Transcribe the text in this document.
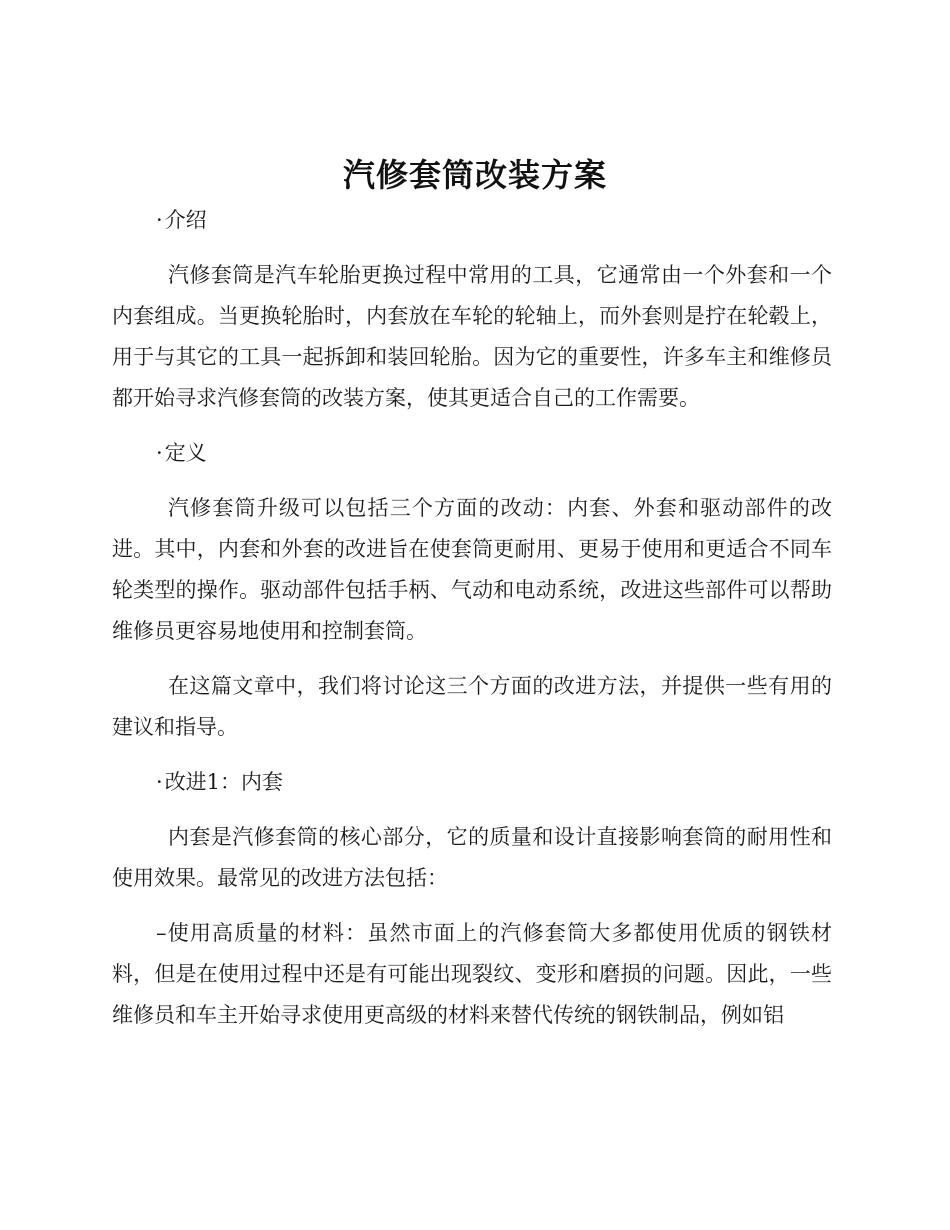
汽修套筒改装方案

·介绍

汽修套筒是汽车轮胎更换过程中常用的工具，它通常由一个外套和一个内套组成。当更换轮胎时，内套放在车轮的轮轴上，而外套则是拧在轮毂上，用于与其它的工具一起拆卸和装回轮胎。因为它的重要性，许多车主和维修员都开始寻求汽修套筒的改装方案，使其更适合自己的工作需要。

·定义

汽修套筒升级可以包括三个方面的改动：内套、外套和驱动部件的改进。其中，内套和外套的改进旨在使套筒更耐用、更易于使用和更适合不同车轮类型的操作。驱动部件包括手柄、气动和电动系统，改进这些部件可以帮助维修员更容易地使用和控制套筒。

在这篇文章中，我们将讨论这三个方面的改进方法，并提供一些有用的建议和指导。

·改进1：内套

内套是汽修套筒的核心部分，它的质量和设计直接影响套筒的耐用性和使用效果。最常见的改进方法包括：

–使用高质量的材料：虽然市面上的汽修套筒大多都使用优质的钢铁材料，但是在使用过程中还是有可能出现裂纹、变形和磨损的问题。因此，一些维修员和车主开始寻求使用更高级的材料来替代传统的钢铁制品，例如铝
